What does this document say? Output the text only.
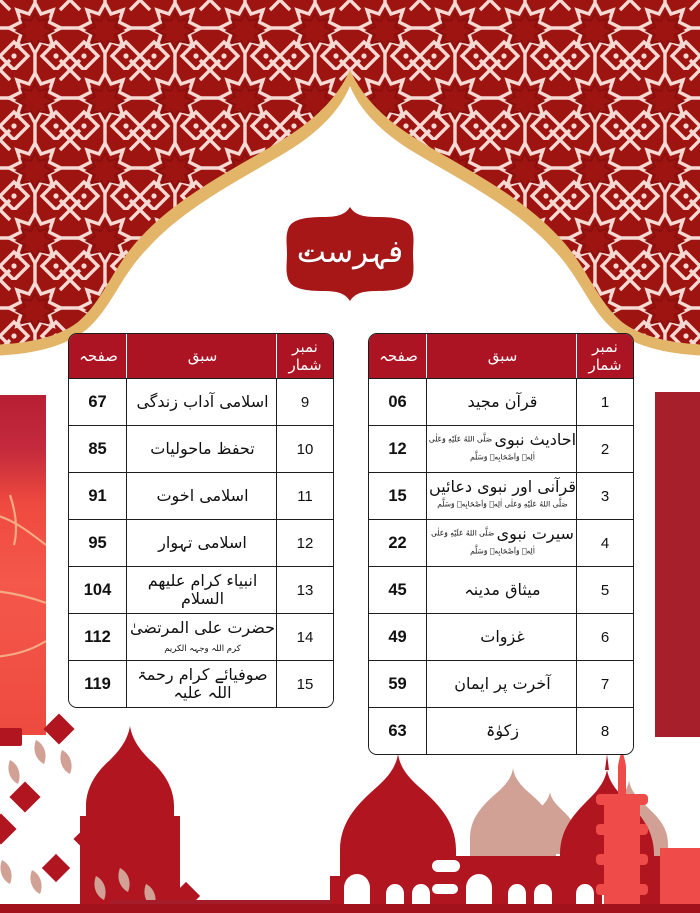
فہرست
صفحہ	سبق	نمبر شمار
67	اسلامی آداب زندگی	9
85	تحفظ ماحولیات	10
91	اسلامی اخوت	11
95	اسلامی تہوار	12
104	انبیاء کرام علیھم السلام	13
112	حضرت علی المرتضیٰ کرم اللہ وجہہ الکریم	14
119	صوفیائے کرام رحمۃ اللہ علیہ	15
صفحہ	سبق	نمبر شمار
06	قرآن مجید	1
12	احادیث نبوی $^{صَلَّى اللهُ عَلَيْهِ وَعَلٰى اٰلِهٖ وَاَصْحَابِهٖ وَسَلَّم}$	2
15	قرآنی اور نبوی دعائیں $^{صَلَّى اللهُ عَلَيْهِ وَعَلٰى اٰلِهٖ وَاَصْحَابِهٖ وَسَلَّم}$	3
22	سیرت نبوی $^{صَلَّى اللهُ عَلَيْهِ وَعَلٰى اٰلِهٖ وَاَصْحَابِهٖ وَسَلَّم}$	4
45	میثاق مدینہ	5
49	غزوات	6
59	آخرت پر ایمان	7
63	زکوٰۃ	8
